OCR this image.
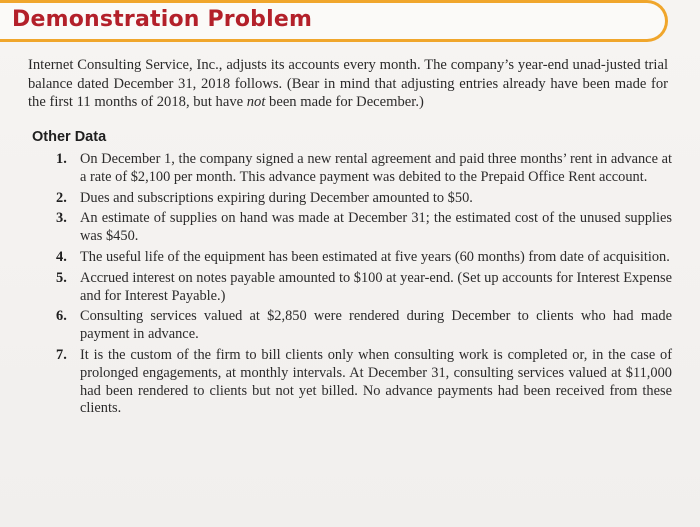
Demonstration Problem
Internet Consulting Service, Inc., adjusts its accounts every month. The company’s year-end unad-justed trial balance dated December 31, 2018 follows. (Bear in mind that adjusting entries already have been made for the first 11 months of 2018, but have not been made for December.)
Other Data
1. On December 1, the company signed a new rental agreement and paid three months’ rent in advance at a rate of $2,100 per month. This advance payment was debited to the Prepaid Office Rent account.
2. Dues and subscriptions expiring during December amounted to $50.
3. An estimate of supplies on hand was made at December 31; the estimated cost of the unused supplies was $450.
4. The useful life of the equipment has been estimated at five years (60 months) from date of acquisition.
5. Accrued interest on notes payable amounted to $100 at year-end. (Set up accounts for Interest Expense and for Interest Payable.)
6. Consulting services valued at $2,850 were rendered during December to clients who had made payment in advance.
7. It is the custom of the firm to bill clients only when consulting work is completed or, in the case of prolonged engagements, at monthly intervals. At December 31, consulting services valued at $11,000 had been rendered to clients but not yet billed. No advance payments had been received from these clients.
